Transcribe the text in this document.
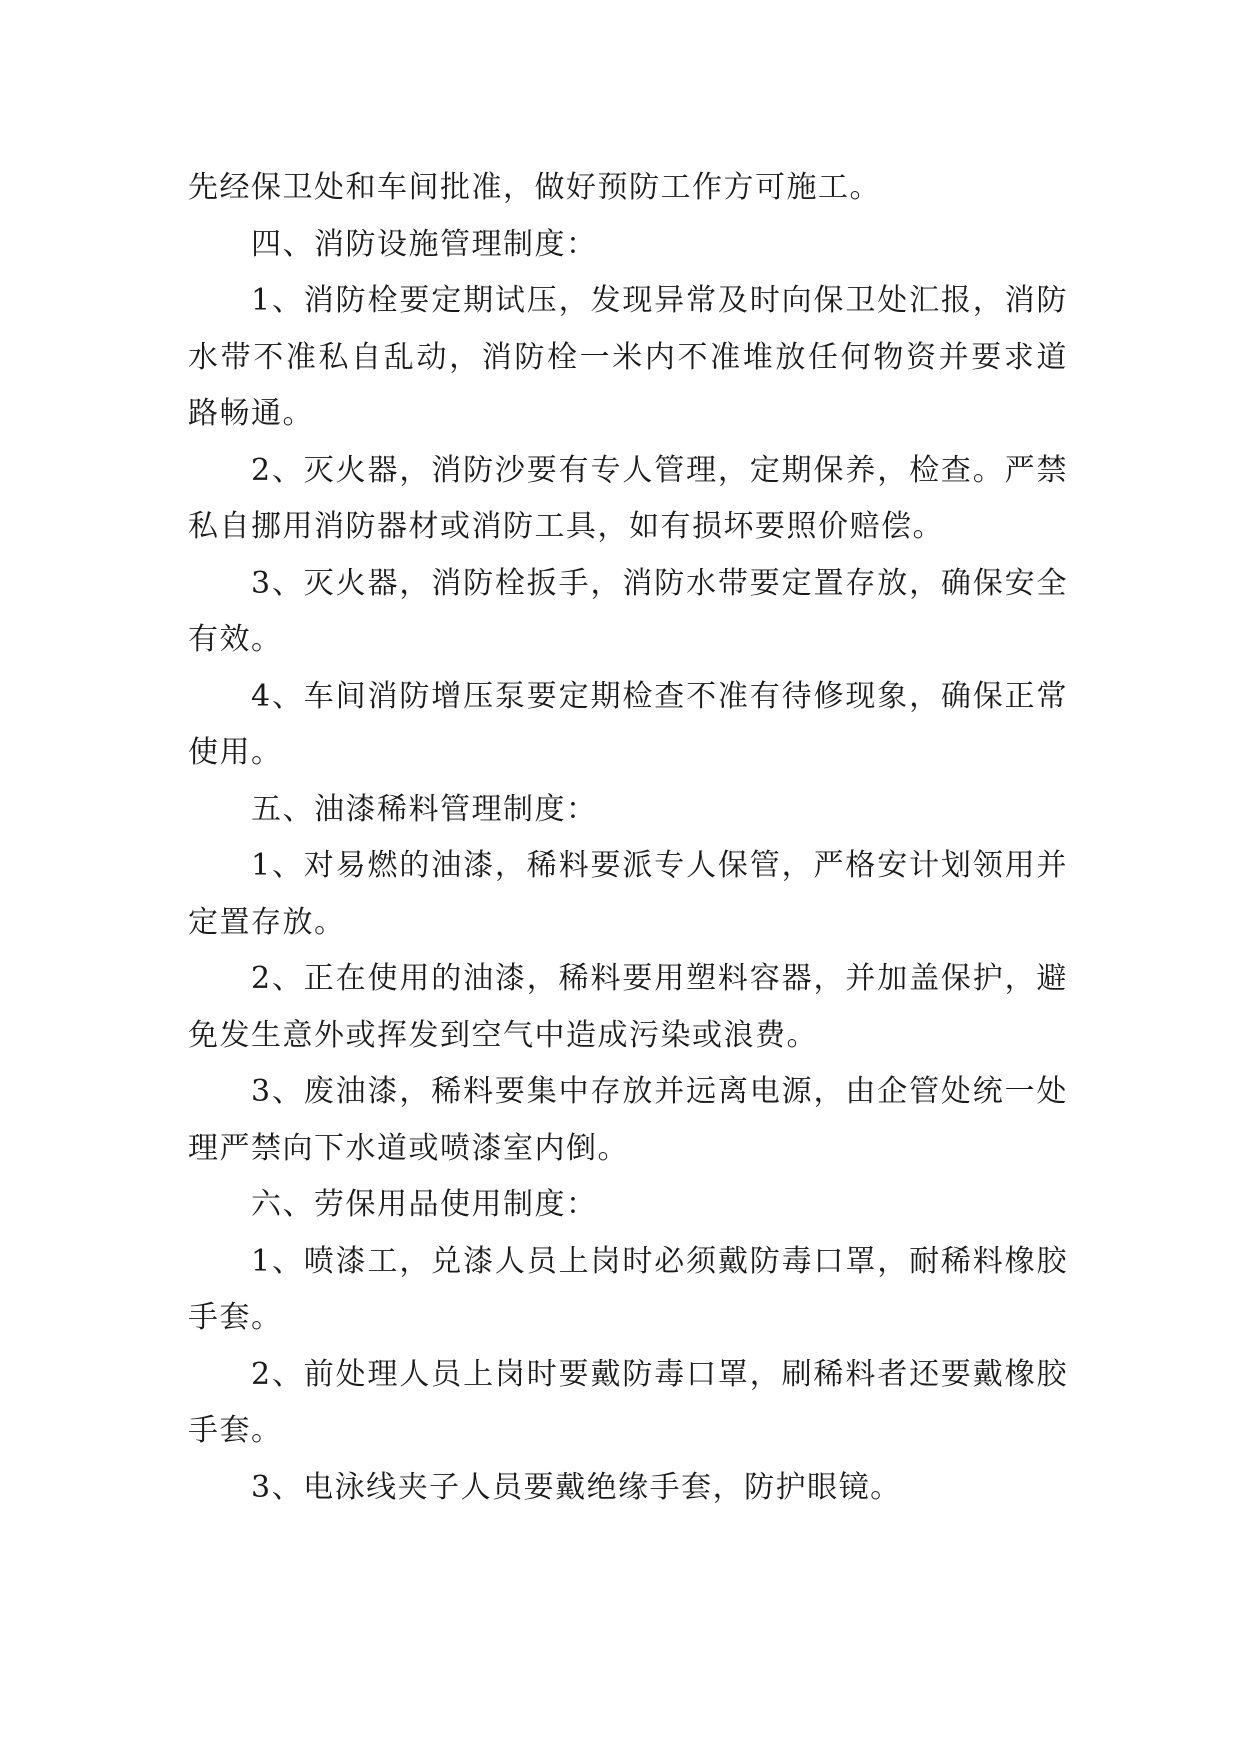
先经保卫处和车间批准，做好预防工作方可施工。

四、消防设施管理制度：

1、消防栓要定期试压，发现异常及时向保卫处汇报，消防水带不准私自乱动，消防栓一米内不准堆放任何物资并要求道路畅通。

2、灭火器，消防沙要有专人管理，定期保养，检查。严禁私自挪用消防器材或消防工具，如有损坏要照价赔偿。

3、灭火器，消防栓扳手，消防水带要定置存放，确保安全有效。

4、车间消防增压泵要定期检查不准有待修现象，确保正常使用。

五、油漆稀料管理制度：

1、对易燃的油漆，稀料要派专人保管，严格安计划领用并定置存放。

2、正在使用的油漆，稀料要用塑料容器，并加盖保护，避免发生意外或挥发到空气中造成污染或浪费。

3、废油漆，稀料要集中存放并远离电源，由企管处统一处理严禁向下水道或喷漆室内倒。

六、劳保用品使用制度：

1、喷漆工，兑漆人员上岗时必须戴防毒口罩，耐稀料橡胶手套。

2、前处理人员上岗时要戴防毒口罩，刷稀料者还要戴橡胶手套。

3、电泳线夹子人员要戴绝缘手套，防护眼镜。
